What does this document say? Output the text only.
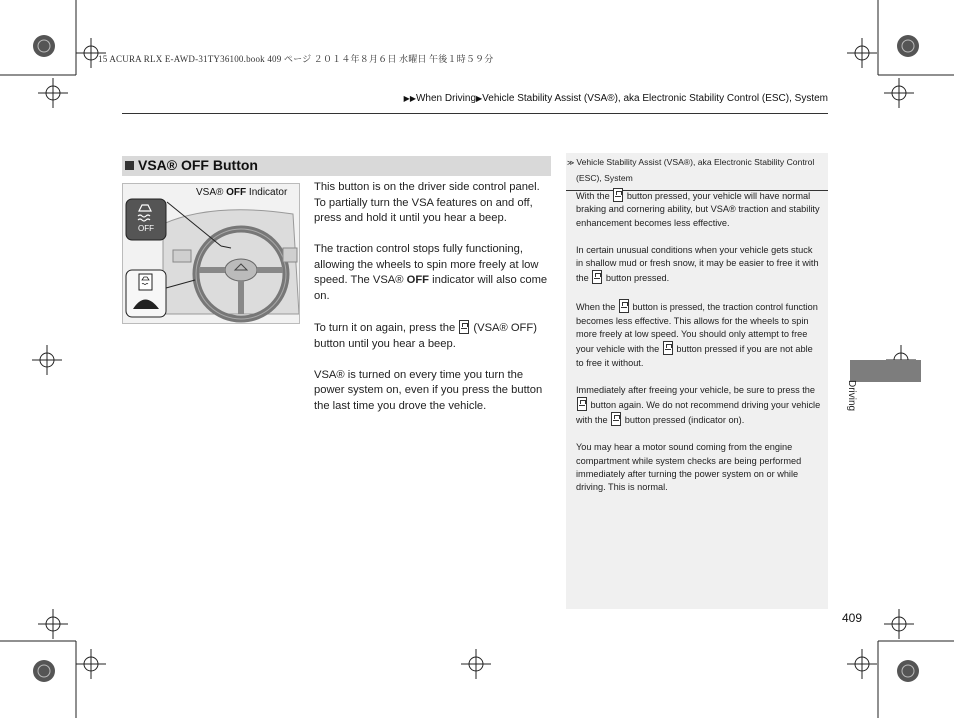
15 ACURA RLX E-AWD-31TY36100.book 409 ページ ２０１４年８月６日 水曜日 午後１時５９分
▶▶When Driving▶Vehicle Stability Assist (VSA®), aka Electronic Stability Control (ESC), System
VSA® OFF Button
VSA® OFF Indicator
OFF

This button is on the driver side control panel. To partially turn the VSA features on and off, press and hold it until you hear a beep.

The traction control stops fully functioning, allowing the wheels to spin more freely at low speed. The VSA® OFF indicator will also come on.

To turn it on again, press the  (VSA® OFF) button until you hear a beep.

VSA® is turned on every time you turn the power system on, even if you press the button the last time you drove the vehicle.

≫ Vehicle Stability Assist (VSA®), aka Electronic Stability Control (ESC), System

With the  button pressed, your vehicle will have normal braking and cornering ability, but VSA® traction and stability enhancement becomes less effective.

In certain unusual conditions when your vehicle gets stuck in shallow mud or fresh snow, it may be easier to free it with the  button pressed.

When the  button is pressed, the traction control function becomes less effective. This allows for the wheels to spin more freely at low speed. You should only attempt to free your vehicle with the  button pressed if you are not able to free it without.

Immediately after freeing your vehicle, be sure to press the  button again. We do not recommend driving your vehicle with the  button pressed (indicator on).

You may hear a motor sound coming from the engine compartment while system checks are being performed immediately after turning the power system on or while driving. This is normal.

Driving
409
